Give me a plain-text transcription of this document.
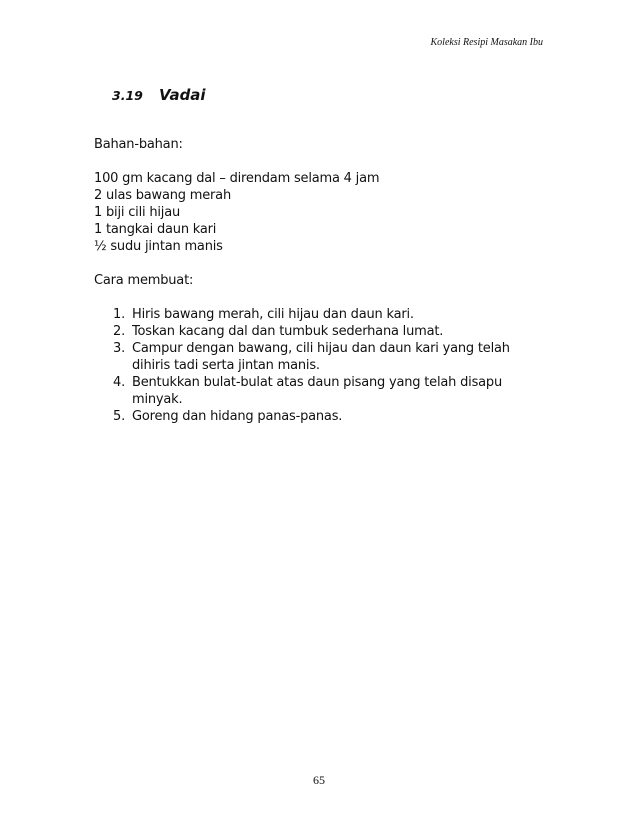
Koleksi Resipi Masakan Ibu
3.19	Vadai

Bahan-bahan:

100 gm kacang dal – direndam selama 4 jam
2 ulas bawang merah
1 biji cili hijau
1 tangkai daun kari
½ sudu jintan manis

Cara membuat:

1. Hiris bawang merah, cili hijau dan daun kari.
2. Toskan kacang dal dan tumbuk sederhana lumat.
3. Campur dengan bawang, cili hijau dan daun kari yang telah dihiris tadi serta jintan manis.
4. Bentukkan bulat-bulat atas daun pisang yang telah disapu minyak.
5. Goreng dan hidang panas-panas.
65
